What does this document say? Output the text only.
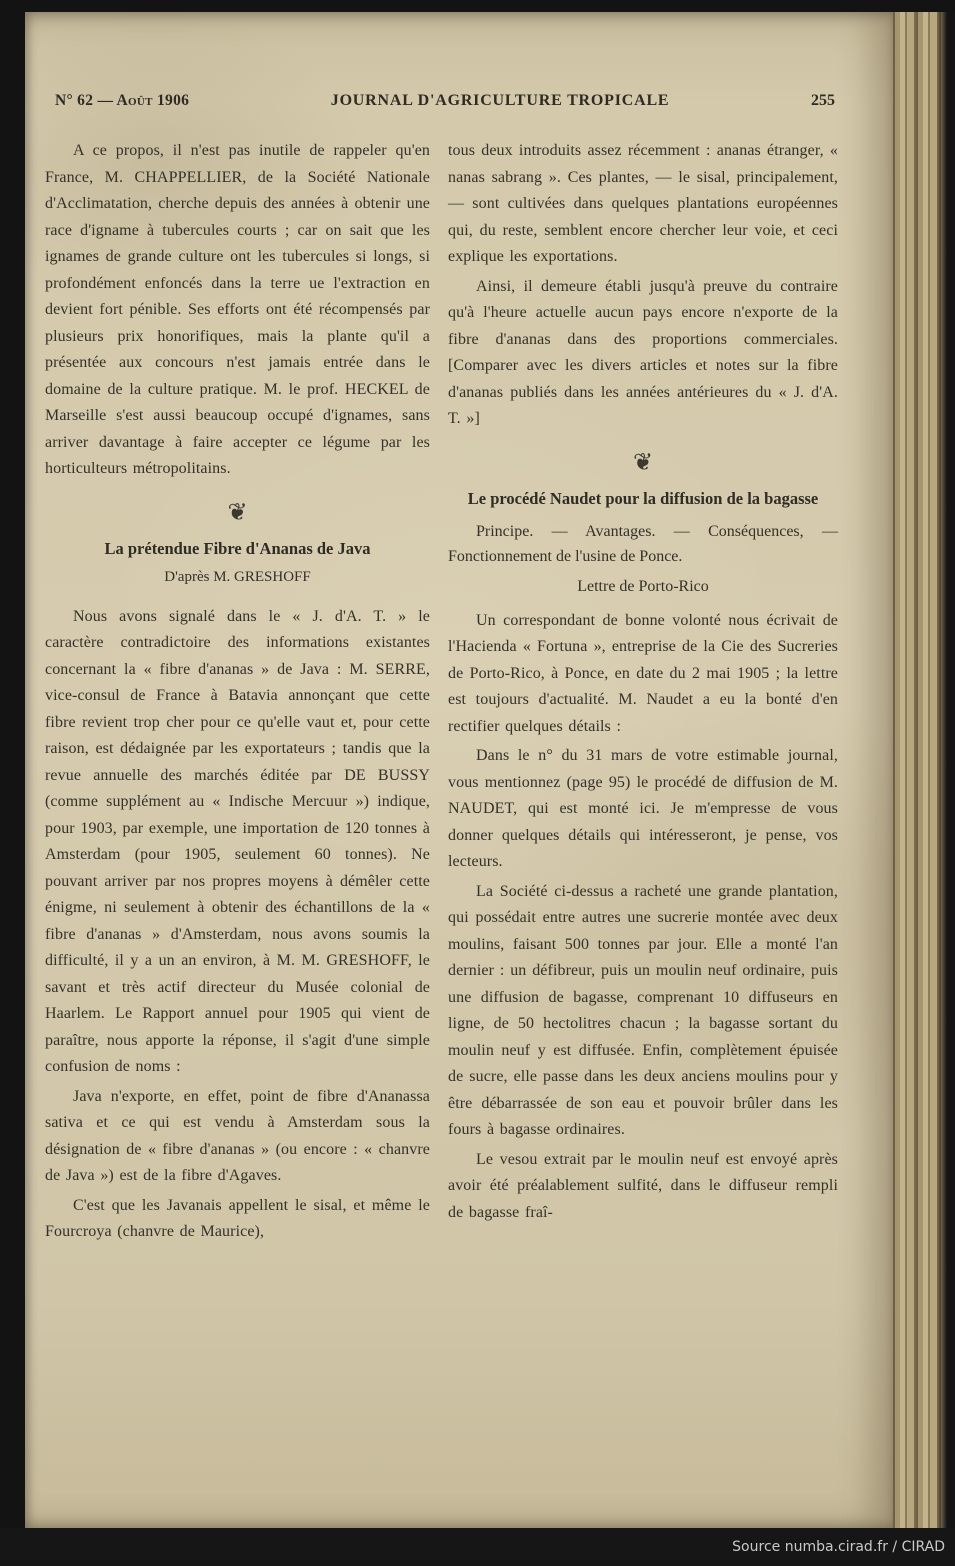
N° 62 — Août 1906	JOURNAL D'AGRICULTURE TROPICALE	255

A ce propos, il n'est pas inutile de rappeler qu'en France, M. CHAPPELLIER, de la Société Nationale d'Acclimatation, cherche depuis des années à obtenir une race d'igname à tubercules courts ; car on sait que les ignames de grande culture ont les tubercules si longs, si profondément enfoncés dans la terre ue l'extraction en devient fort pénible. Ses efforts ont été récompensés par plusieurs prix honorifiques, mais la plante qu'il a présentée aux concours n'est jamais entrée dans le domaine de la culture pratique. M. le prof. HECKEL de Marseille s'est aussi beaucoup occupé d'ignames, sans arriver davantage à faire accepter ce légume par les horticulteurs métropolitains.

❦
La prétendue Fibre d'Ananas de Java
D'après M. GRESHOFF

Nous avons signalé dans le « J. d'A. T. » le caractère contradictoire des informations existantes concernant la « fibre d'ananas » de Java : M. SERRE, vice-consul de France à Batavia annonçant que cette fibre revient trop cher pour ce qu'elle vaut et, pour cette raison, est dédaignée par les exportateurs ; tandis que la revue annuelle des marchés éditée par DE BUSSY (comme supplément au « Indische Mercuur ») indique, pour 1903, par exemple, une importation de 120 tonnes à Amsterdam (pour 1905, seulement 60 tonnes). Ne pouvant arriver par nos propres moyens à démêler cette énigme, ni seulement à obtenir des échantillons de la « fibre d'ananas » d'Amsterdam, nous avons soumis la difficulté, il y a un an environ, à M. M. GRESHOFF, le savant et très actif directeur du Musée colonial de Haarlem. Le Rapport annuel pour 1905 qui vient de paraître, nous apporte la réponse, il s'agit d'une simple confusion de noms :

Java n'exporte, en effet, point de fibre d'Ananassa sativa et ce qui est vendu à Amsterdam sous la désignation de « fibre d'ananas » (ou encore : « chanvre de Java ») est de la fibre d'Agaves.

C'est que les Javanais appellent le sisal, et même le Fourcroya (chanvre de Maurice),

tous deux introduits assez récemment : ananas étranger, « nanas sabrang ». Ces plantes, — le sisal, principalement, — sont cultivées dans quelques plantations européennes qui, du reste, semblent encore chercher leur voie, et ceci explique les exportations.

Ainsi, il demeure établi jusqu'à preuve du contraire qu'à l'heure actuelle aucun pays encore n'exporte de la fibre d'ananas dans des proportions commerciales. [Comparer avec les divers articles et notes sur la fibre d'ananas publiés dans les années antérieures du « J. d'A. T. »]

❦
Le procédé Naudet pour la diffusion de la bagasse
Principe. — Avantages. — Conséquences, — Fonctionnement de l'usine de Ponce.
Lettre de Porto-Rico

Un correspondant de bonne volonté nous écrivait de l'Hacienda « Fortuna », entreprise de la Cie des Sucreries de Porto-Rico, à Ponce, en date du 2 mai 1905 ; la lettre est toujours d'actualité. M. Naudet a eu la bonté d'en rectifier quelques détails :

Dans le n° du 31 mars de votre estimable journal, vous mentionnez (page 95) le procédé de diffusion de M. NAUDET, qui est monté ici. Je m'empresse de vous donner quelques détails qui intéresseront, je pense, vos lecteurs.

La Société ci-dessus a racheté une grande plantation, qui possédait entre autres une sucrerie montée avec deux moulins, faisant 500 tonnes par jour. Elle a monté l'an dernier : un défibreur, puis un moulin neuf ordinaire, puis une diffusion de bagasse, comprenant 10 diffuseurs en ligne, de 50 hectolitres chacun ; la bagasse sortant du moulin neuf y est diffusée. Enfin, complètement épuisée de sucre, elle passe dans les deux anciens moulins pour y être débarrassée de son eau et pouvoir brûler dans les fours à bagasse ordinaires.

Le vesou extrait par le moulin neuf est envoyé après avoir été préalablement sulfité, dans le diffuseur rempli de bagasse fraî-

Source numba.cirad.fr / CIRAD
